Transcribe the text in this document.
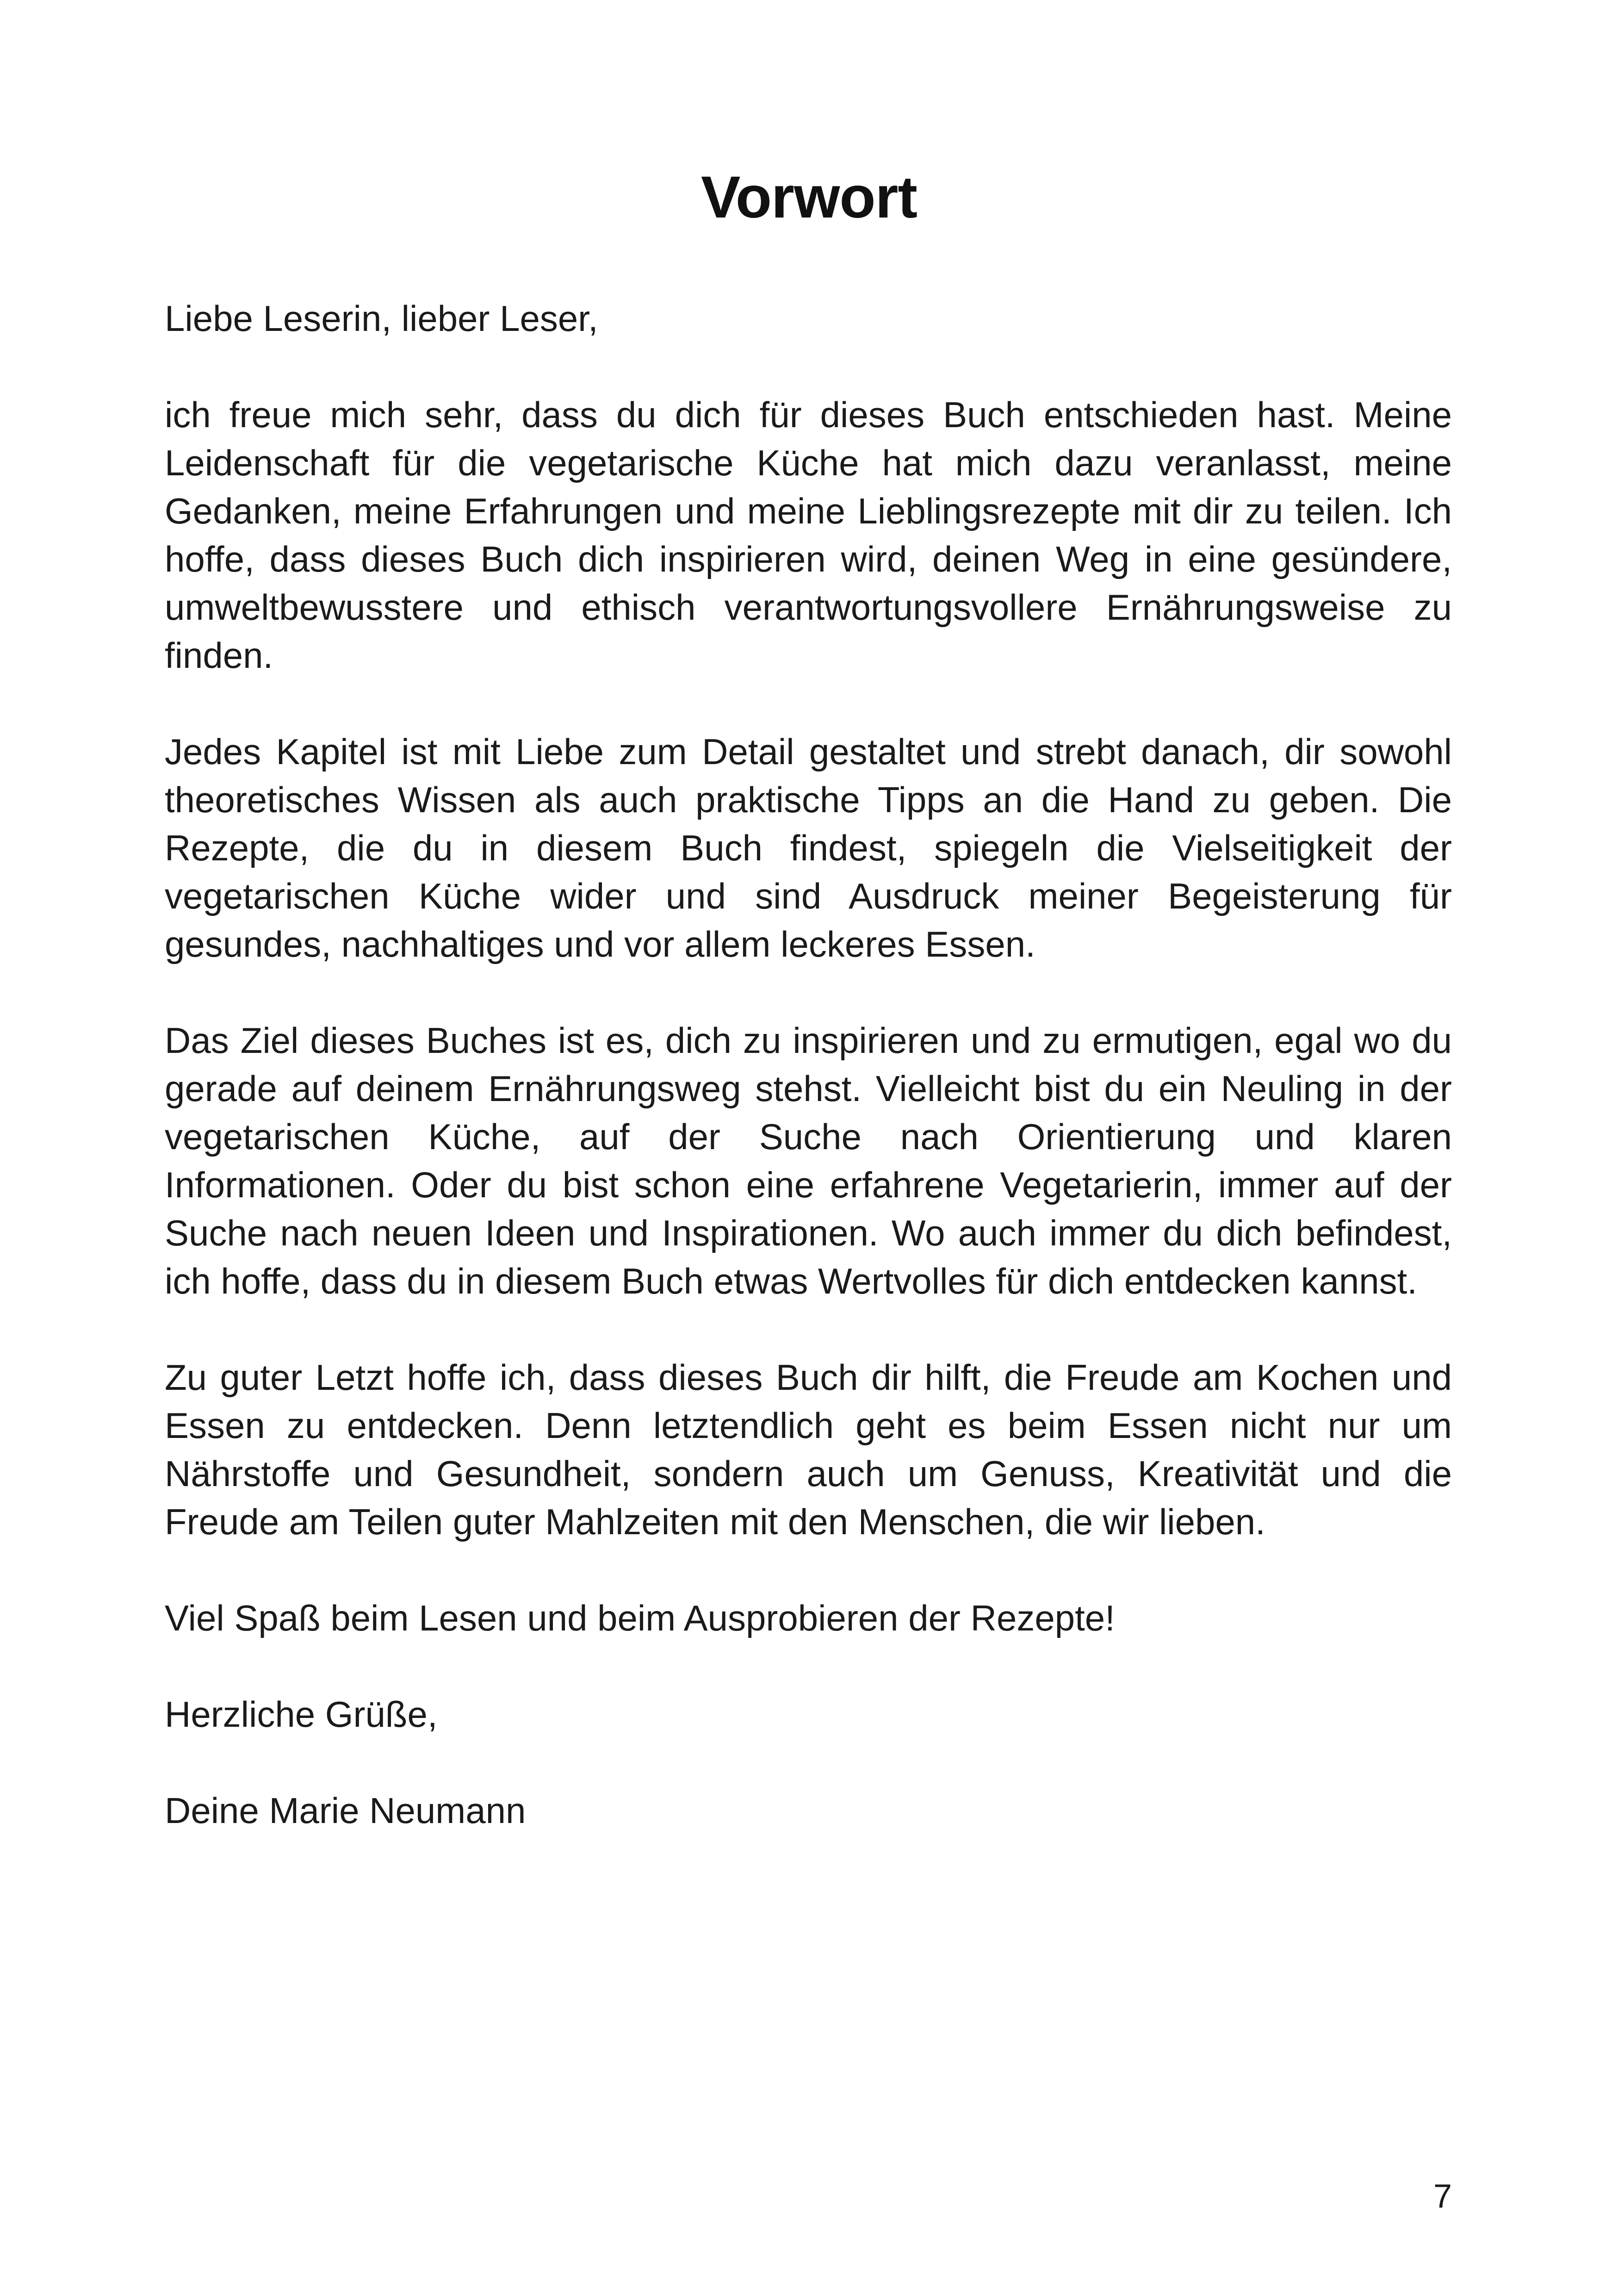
Vorwort

Liebe Leserin, lieber Leser,

ich freue mich sehr, dass du dich für dieses Buch entschieden hast. Meine Leidenschaft für die vegetarische Küche hat mich dazu veranlasst, meine Gedanken, meine Erfahrungen und meine Lieblingsrezepte mit dir zu teilen. Ich hoffe, dass dieses Buch dich inspirieren wird, deinen Weg in eine gesündere, umweltbewusstere und ethisch verantwortungsvollere Ernährungsweise zu finden.

Jedes Kapitel ist mit Liebe zum Detail gestaltet und strebt danach, dir sowohl theoretisches Wissen als auch praktische Tipps an die Hand zu geben. Die Rezepte, die du in diesem Buch findest, spiegeln die Vielseitigkeit der vegetarischen Küche wider und sind Ausdruck meiner Begeisterung für gesundes, nachhaltiges und vor allem leckeres Essen.

Das Ziel dieses Buches ist es, dich zu inspirieren und zu ermutigen, egal wo du gerade auf deinem Ernährungsweg stehst. Vielleicht bist du ein Neuling in der vegetarischen Küche, auf der Suche nach Orientierung und klaren Informationen. Oder du bist schon eine erfahrene Vegetarierin, immer auf der Suche nach neuen Ideen und Inspirationen. Wo auch immer du dich befindest, ich hoffe, dass du in diesem Buch etwas Wertvolles für dich entdecken kannst.

Zu guter Letzt hoffe ich, dass dieses Buch dir hilft, die Freude am Kochen und Essen zu entdecken. Denn letztendlich geht es beim Essen nicht nur um Nährstoffe und Gesundheit, sondern auch um Genuss, Kreativität und die Freude am Teilen guter Mahlzeiten mit den Menschen, die wir lieben.

Viel Spaß beim Lesen und beim Ausprobieren der Rezepte!

Herzliche Grüße,

Deine Marie Neumann

7
